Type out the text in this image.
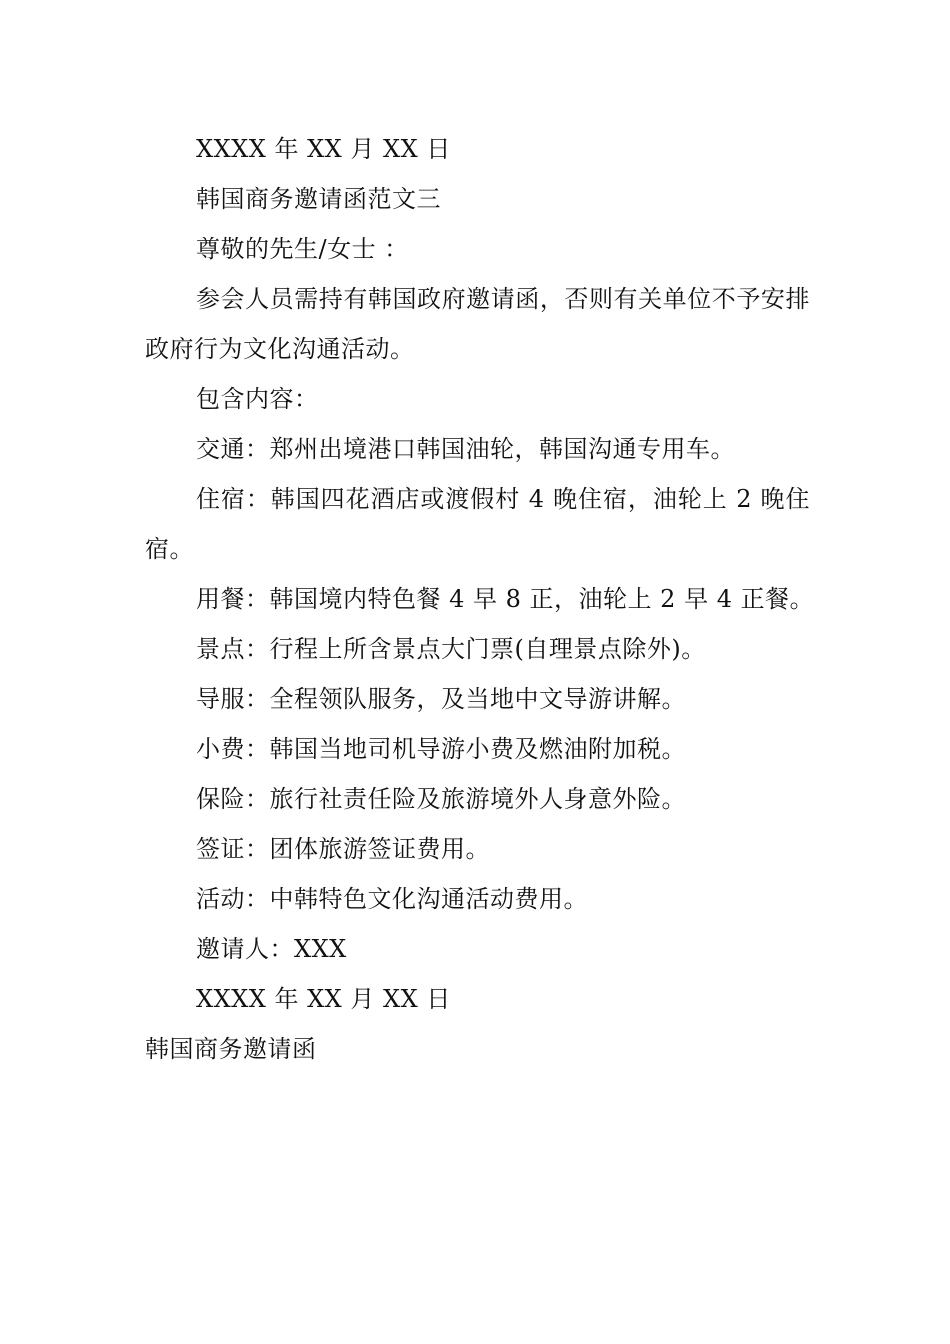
XXXX 年 XX 月 XX 日

韩国商务邀请函范文三

尊敬的先生/女士 ：

参会人员需持有韩国政府邀请函，否则有关单位不予安排政府行为文化沟通活动。

包含内容：

交通：郑州出境港口韩国油轮，韩国沟通专用车。

住宿：韩国四花酒店或渡假村 4 晚住宿，油轮上 2 晚住宿。

用餐：韩国境内特色餐 4 早 8 正，油轮上 2 早 4 正餐。

景点：行程上所含景点大门票(自理景点除外)。

导服：全程领队服务，及当地中文导游讲解。

小费：韩国当地司机导游小费及燃油附加税。

保险：旅行社责任险及旅游境外人身意外险。

签证：团体旅游签证费用。

活动：中韩特色文化沟通活动费用。

邀请人：XXX

XXXX 年 XX 月 XX 日

韩国商务邀请函
